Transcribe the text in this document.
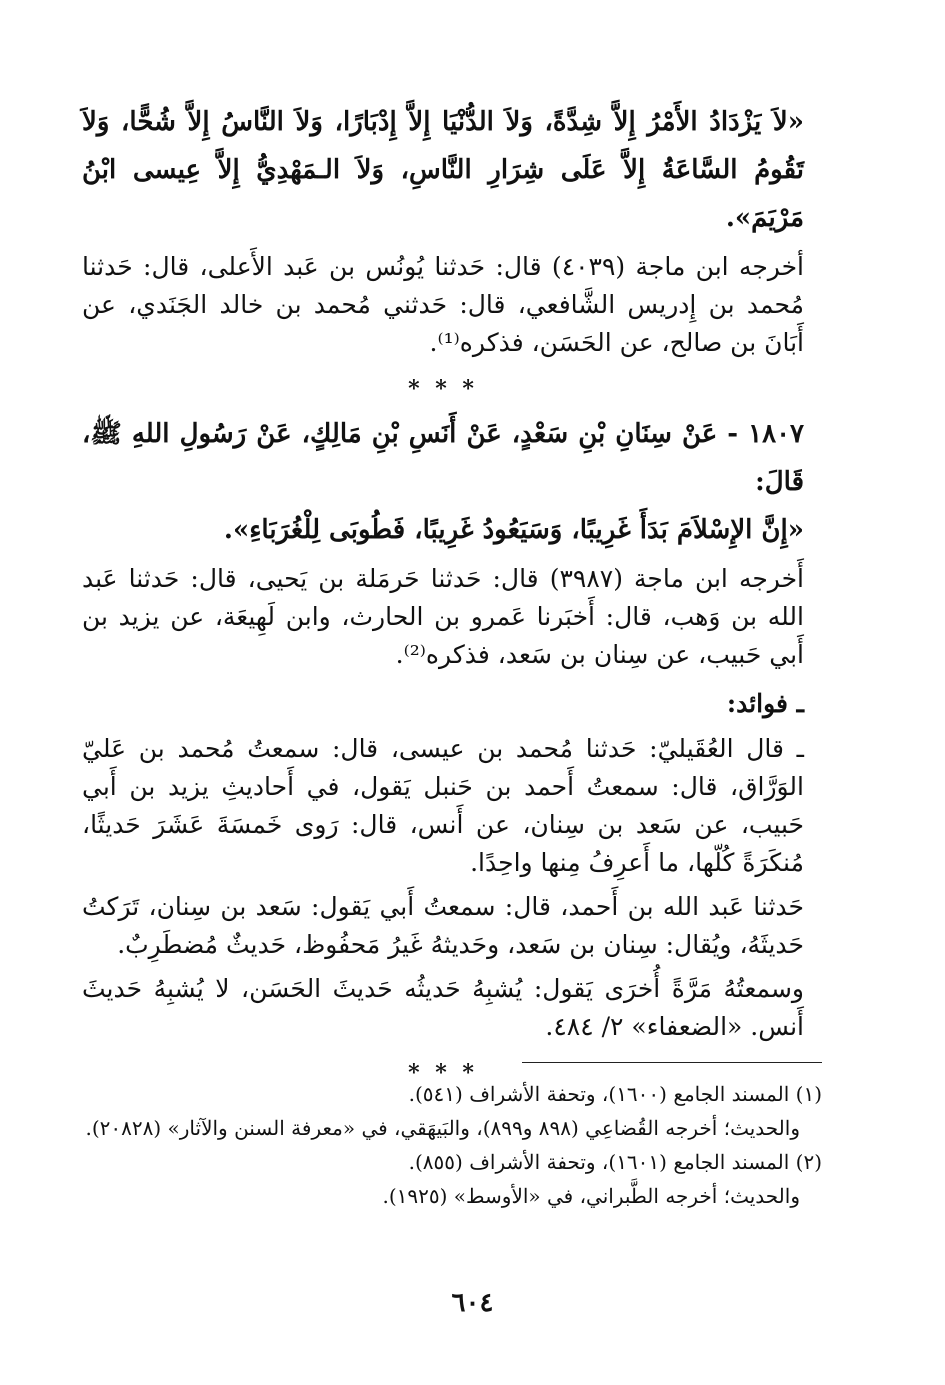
«لاَ يَزْدَادُ الأَمْرُ إِلاَّ شِدَّةً، وَلاَ الدُّنْيَا إِلاَّ إِدْبَارًا، وَلاَ النَّاسُ إِلاَّ شُحًّا، وَلاَ تَقُومُ السَّاعَةُ إِلاَّ عَلَى شِرَارِ النَّاسِ، وَلاَ الـمَهْدِيُّ إِلاَّ عِيسى ابْنُ مَرْيَمَ».

أخرجه ابن ماجة (٤٠٣٩) قال: حَدثنا يُونُس بن عَبد الأَعلى، قال: حَدثنا مُحمد بن إِدريس الشَّافعي، قال: حَدثني مُحمد بن خالد الجَنَدي، عن أَبَانَ بن صالح، عن الحَسَن، فذكره⁽¹⁾.

* * *

١٨٠٧ - عَنْ سِنَانِ بْنِ سَعْدٍ، عَنْ أَنَسِ بْنِ مَالِكٍ، عَنْ رَسُولِ اللهِ ﷺ، قَالَ:

«إِنَّ الإِسْلاَمَ بَدَأَ غَرِيبًا، وَسَيَعُودُ غَرِيبًا، فَطُوبَى لِلْغُرَبَاءِ».

أَخرجه ابن ماجة (٣٩٨٧) قال: حَدثنا حَرمَلة بن يَحيى، قال: حَدثنا عَبد الله بن وَهب، قال: أَخبَرنا عَمرو بن الحارث، وابن لَهِيعَة، عن يزيد بن أَبي حَبيب، عن سِنان بن سَعد، فذكره⁽²⁾.

ـ فوائد:

ـ قال العُقَيليّ: حَدثنا مُحمد بن عيسى، قال: سمعتُ مُحمد بن عَليّ الوَرَّاق، قال: سمعتُ أَحمد بن حَنبل يَقول، في أَحاديثِ يزيد بن أَبي حَبيب، عن سَعد بن سِنان، عن أَنس، قال: رَوى خَمسَةَ عَشَرَ حَديثًا، مُنكَرَةً كُلّها، ما أَعرِفُ مِنها واحِدًا.

حَدثنا عَبد الله بن أَحمد، قال: سمعتُ أَبي يَقول: سَعد بن سِنان، تَرَكتُ حَديثَهُ، ويُقال: سِنان بن سَعد، وحَديثهُ غَيرُ مَحفُوظ، حَديثٌ مُضطَرِبٌ.

وسمعتُهُ مَرَّةً أُخرَى يَقول: يُشبِهُ حَديثُه حَديثَ الحَسَن، لا يُشبِهُ حَديثَ أَنس. «الضعفاء» ٢/ ٤٨٤.

* * *

(١) المسند الجامع (١٦٠٠)، وتحفة الأشراف (٥٤١).

والحديث؛ أخرجه القُضاعِي (٨٩٨ و٨٩٩)، والبَيهَقي، في «معرفة السنن والآثار» (٢٠٨٢٨).

(٢) المسند الجامع (١٦٠١)، وتحفة الأشراف (٨٥٥).

والحديث؛ أخرجه الطَّبراني، في «الأوسط» (١٩٢٥).

٦٠٤
